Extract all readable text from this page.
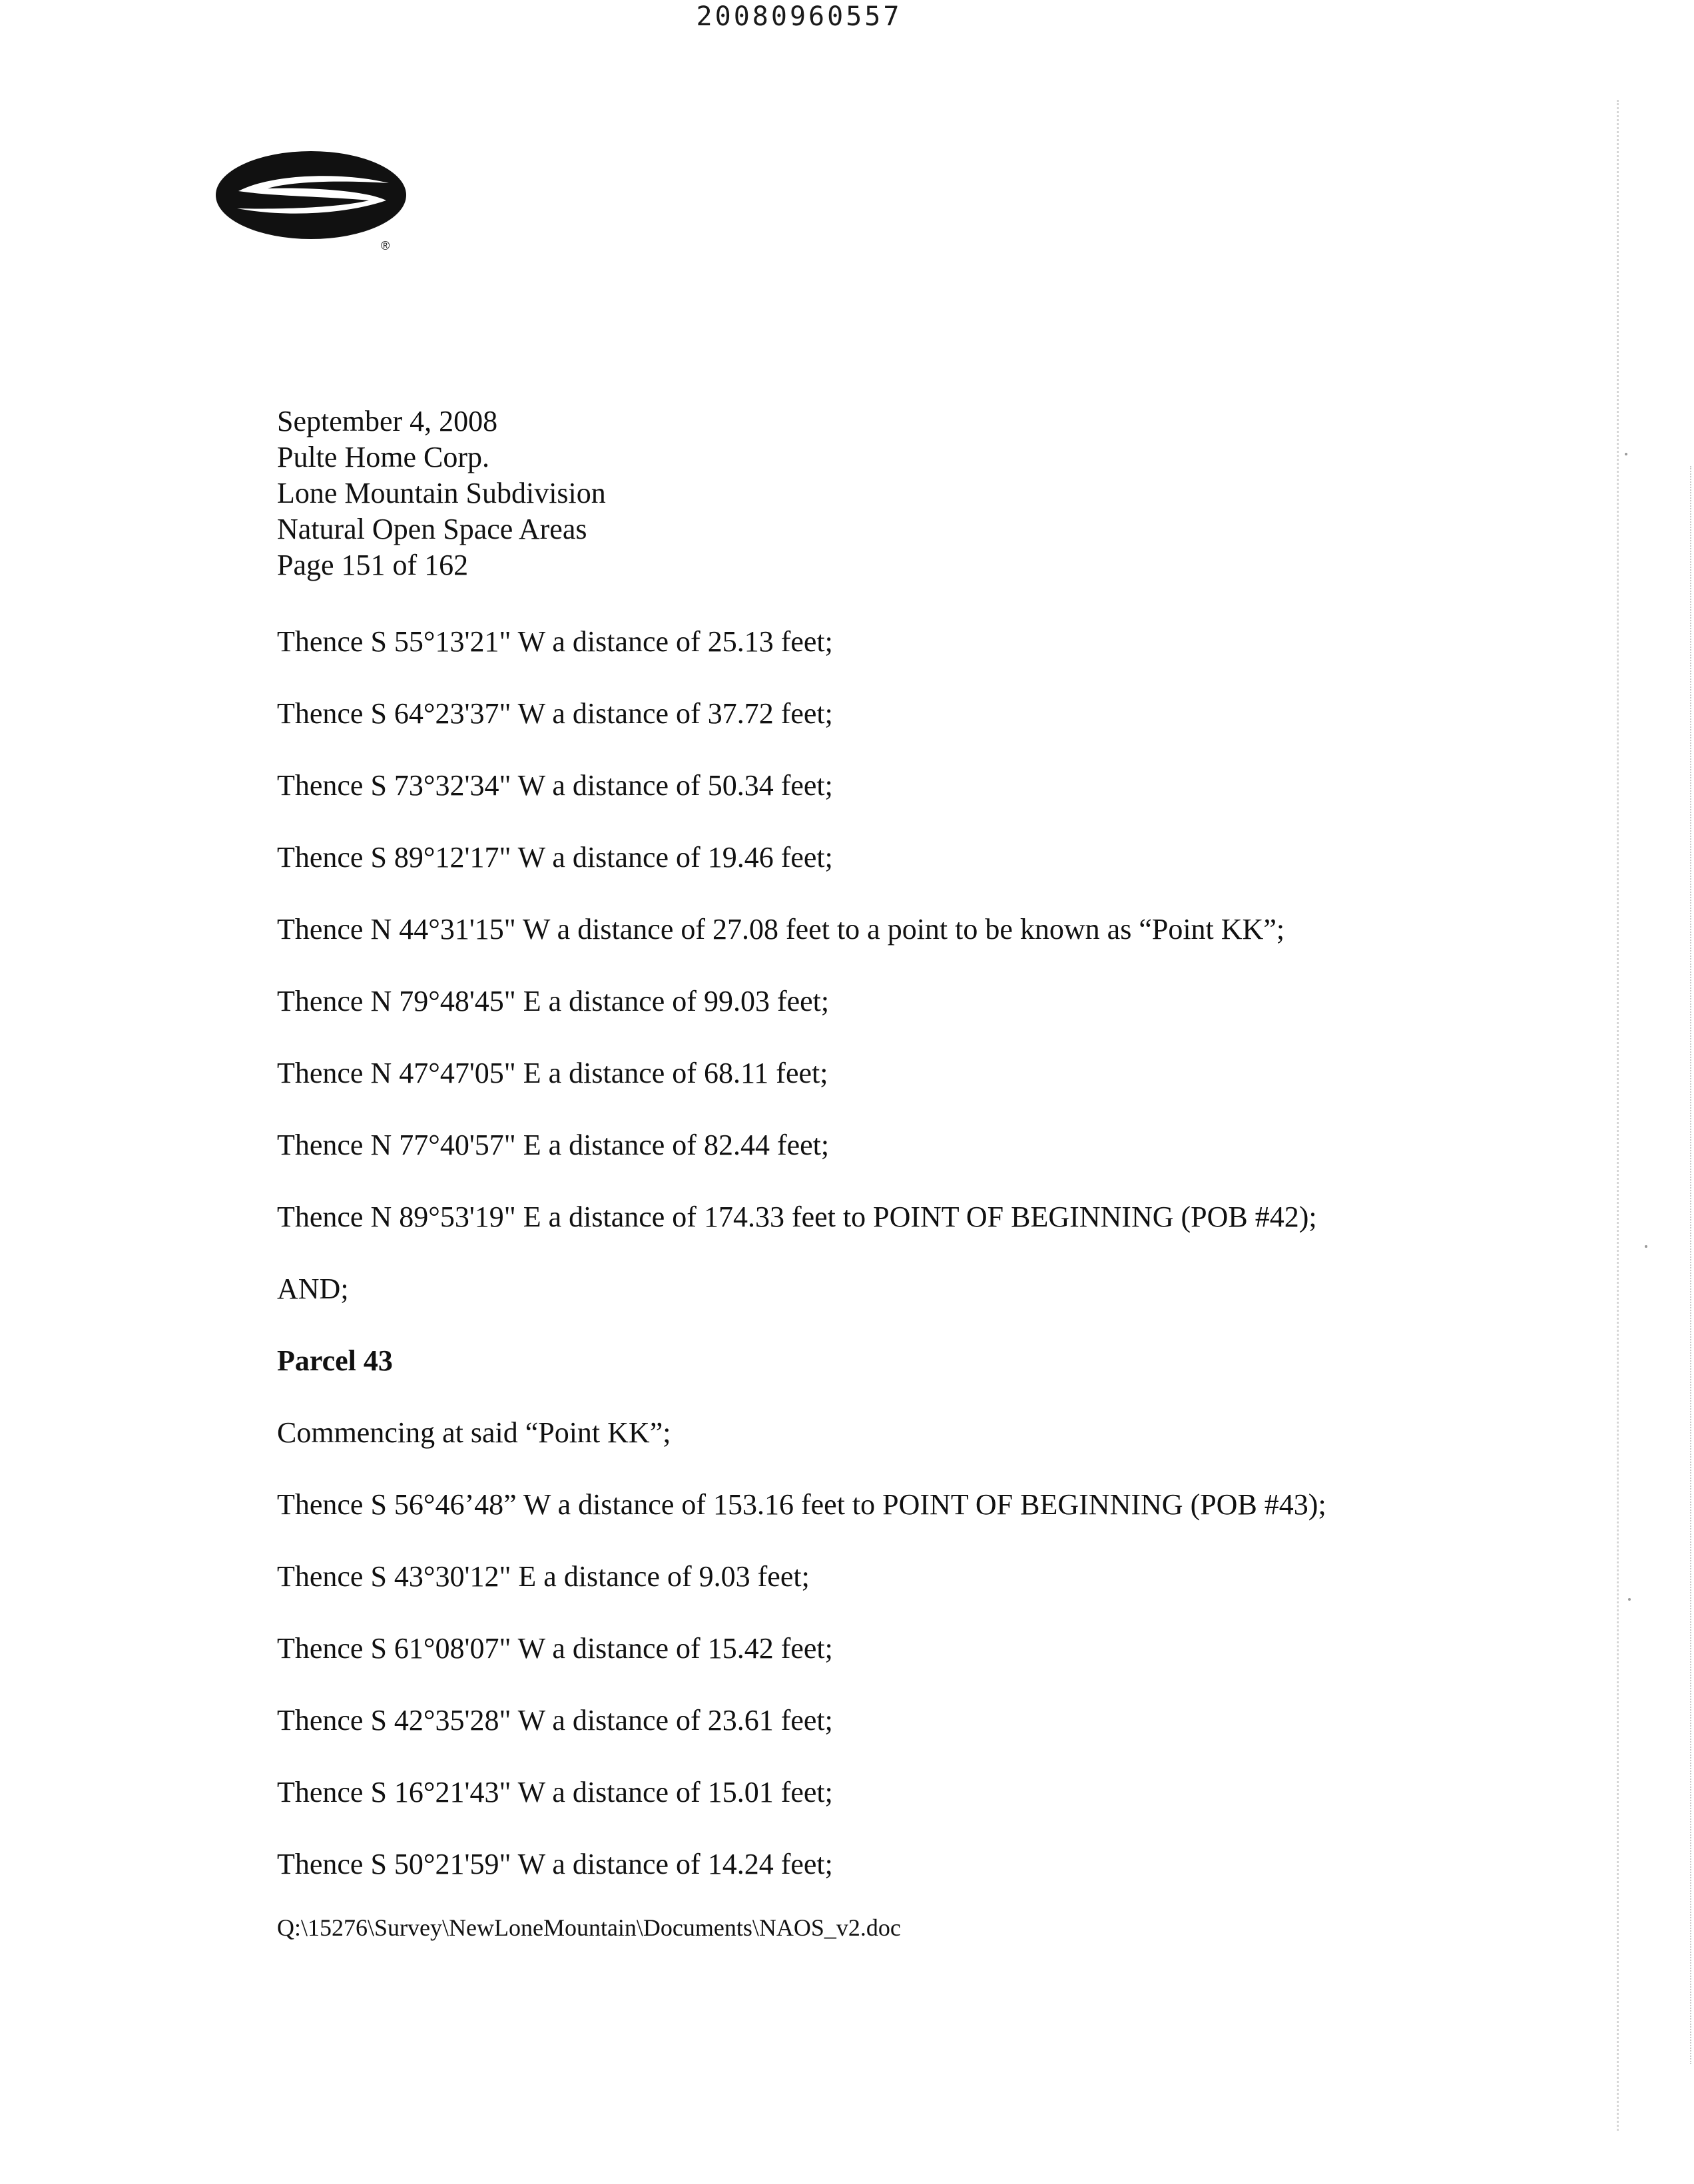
20080960557
®
September 4, 2008
Pulte Home Corp.
Lone Mountain Subdivision
Natural Open Space Areas
Page 151 of 162
Thence S 55°13'21" W a distance of 25.13 feet;
Thence S 64°23'37" W a distance of 37.72 feet;
Thence S 73°32'34" W a distance of 50.34 feet;
Thence S 89°12'17" W a distance of 19.46 feet;
Thence N 44°31'15" W a distance of 27.08 feet to a point to be known as “Point KK”;
Thence N 79°48'45" E a distance of 99.03 feet;
Thence N 47°47'05" E a distance of 68.11 feet;
Thence N 77°40'57" E a distance of 82.44 feet;
Thence N 89°53'19" E a distance of 174.33 feet to POINT OF BEGINNING (POB #42);
AND;
Parcel 43
Commencing at said “Point KK”;
Thence S 56°46’48” W a distance of 153.16 feet to POINT OF BEGINNING (POB #43);
Thence S 43°30'12" E a distance of 9.03 feet;
Thence S 61°08'07" W a distance of 15.42 feet;
Thence S 42°35'28" W a distance of 23.61 feet;
Thence S 16°21'43" W a distance of 15.01 feet;
Thence S 50°21'59" W a distance of 14.24 feet;
Q:\15276\Survey\NewLoneMountain\Documents\NAOS_v2.doc
